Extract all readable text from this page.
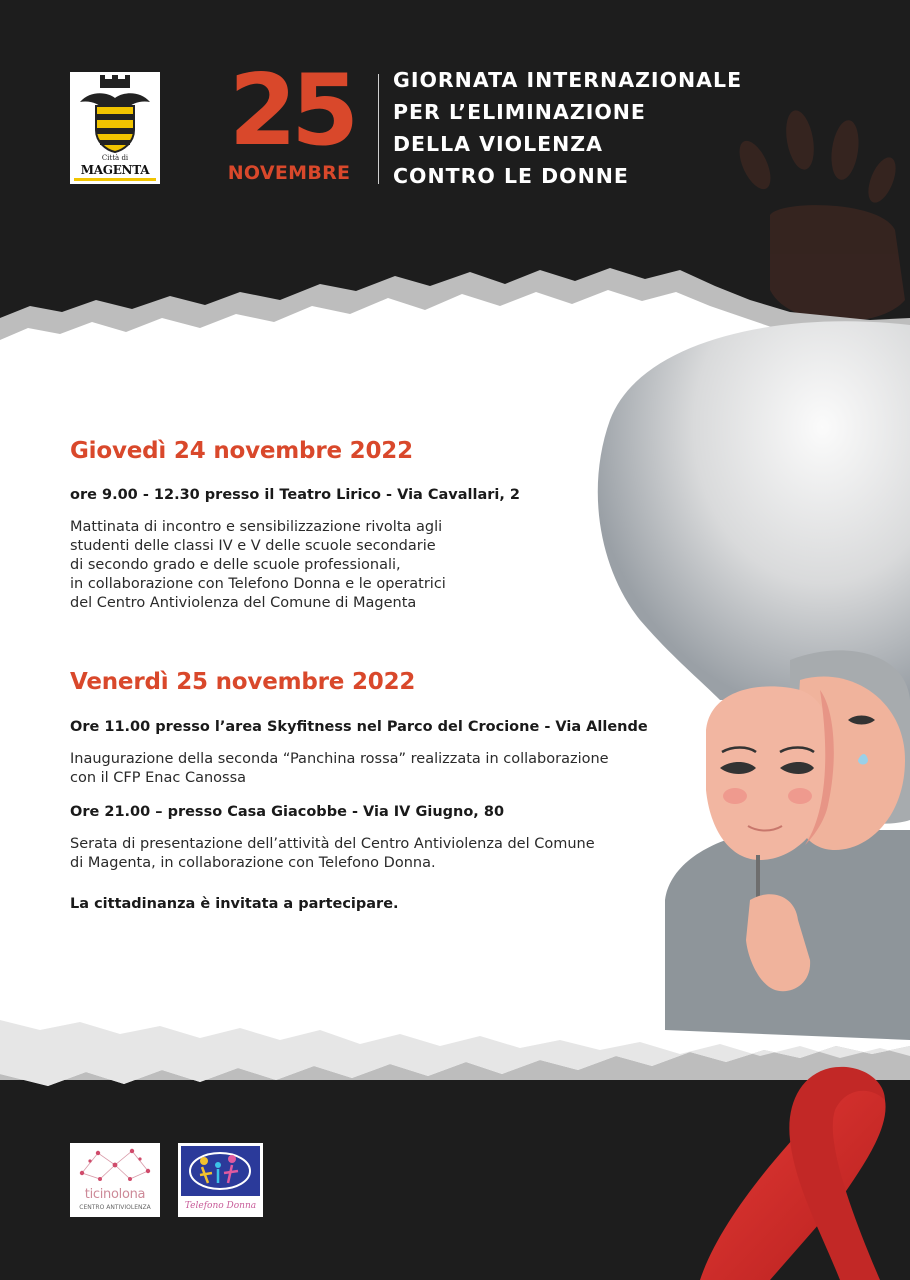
Città di
MAGENTA
25
NOVEMBRE
GIORNATA INTERNAZIONALE
PER L’ELIMINAZIONE
DELLA VIOLENZA
CONTRO LE DONNE
Giovedì 24 novembre 2022
ore 9.00 - 12.30 presso il Teatro Lirico - Via Cavallari, 2

Mattinata di incontro e sensibilizzazione rivolta agli
studenti delle classi IV e V delle scuole secondarie
di secondo grado e delle scuole professionali,
in collaborazione con Telefono Donna e le operatrici
del Centro Antiviolenza del Comune di Magenta

Venerdì 25 novembre 2022
Ore 11.00 presso l’area Skyfitness nel Parco del Crocione - Via Allende

Inaugurazione della seconda “Panchina rossa” realizzata in collaborazione
con il CFP Enac Canossa

Ore 21.00 – presso Casa Giacobbe - Via IV Giugno, 80

Serata di presentazione dell’attività del Centro Antiviolenza del Comune
di Magenta, in collaborazione con Telefono Donna.

La cittadinanza è invitata a partecipare.
ticinolona
CENTRO ANTIVIOLENZA	Telefono Donna
